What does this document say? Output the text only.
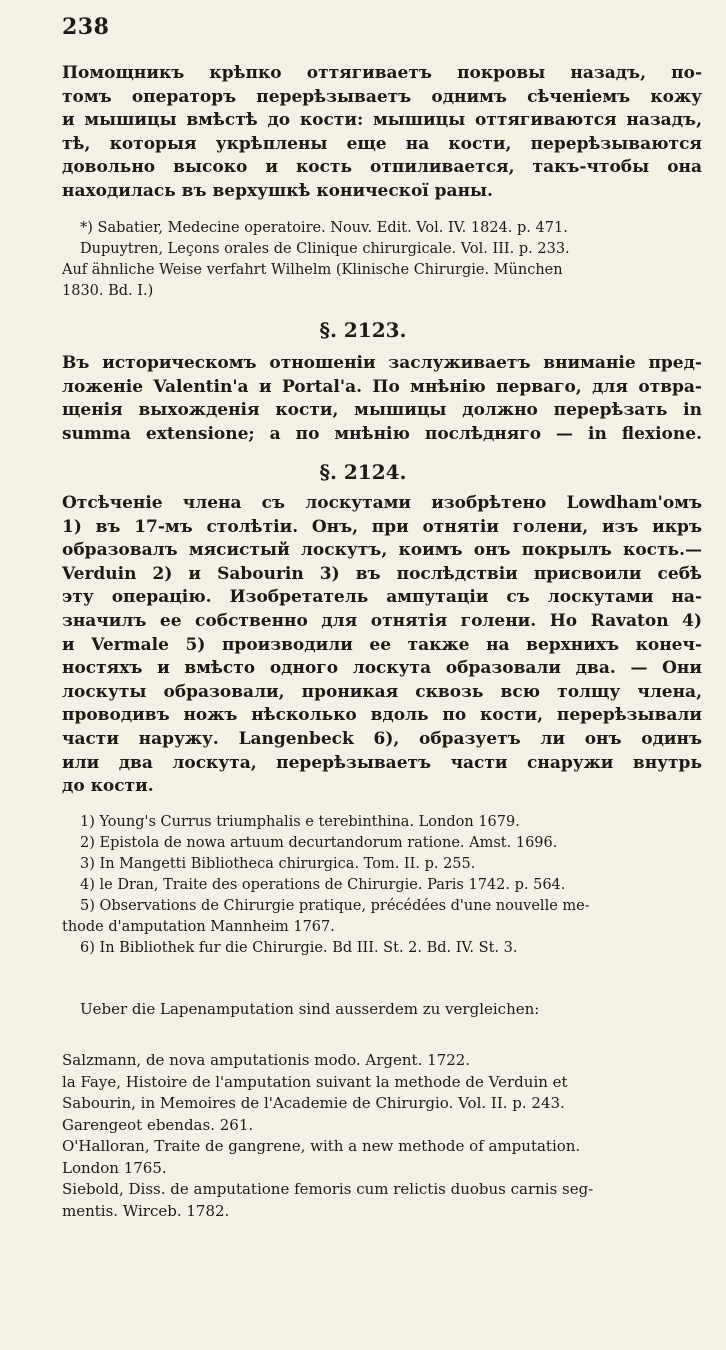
238
Помощникъ крѣпко оттягиваетъ покровы назадъ, по-
томъ операторъ перерѣзываетъ однимъ сѣченіемъ кожу
и мышицы вмѣстѣ до кости: мышицы оттягиваются назадъ,
тѣ, которыя укрѣплены еще на кости, перерѣзываются
довольно высоко и кость отпиливается, такъ-чтобы она
находилась въ верхушкѣ коническої раны.
*) Sabatier, Medecine operatoire. Nouv. Edit. Vol. IV. 1824. p. 471.
Dupuytren, Leçons orales de Clinique chirurgicale. Vol. III. p. 233.
Auf ähnliche Weise verfahrt Wilhelm (Klinische Chirurgie. München
1830. Bd. I.)
§. 2123.
Въ историческомъ отношеніи заслуживаетъ вниманіе пред-
ложеніе Valentin'a и Portal'a. По мнѣнію перваго, для отвра-
щенія выхожденія кости, мышицы должно перерѣзать in
summa extensione; а по мнѣнію послѣдняго — in flexione.
§. 2124.
Отсѣченіе члена съ лоскутами изобрѣтено Lowdham'омъ
1) въ 17-мъ столѣтіи. Онъ, при отнятіи голени, изъ икръ
образовалъ мясистый лоскутъ, коимъ онъ покрылъ кость.—
Verduin 2) и Sabourin 3) въ послѣдствіи присвоили себѣ
эту операцію. Изобретатель ампутаціи съ лоскутами на-
значилъ ее собственно для отнятія голени. Но Ravaton 4)
и Vermale 5) производили ее также на верхнихъ конеч-
ностяхъ и вмѣсто одного лоскута образовали два. — Они
лоскуты образовали, проникая сквозь всю толщу члена,
проводивъ ножъ нѣсколько вдоль по кости, перерѣзывали
части наружу. Langenbeck 6), образуетъ ли онъ одинъ
или два лоскута, перерѣзываетъ части снаружи внутрь
до кости.
1) Young's Currus triumphalis e terebinthina. London 1679.
2) Epistola de nowa artuum decurtandorum ratione. Amst. 1696.
3) In Mangetti Bibliotheca chirurgica. Tom. II. p. 255.
4) le Dran, Traite des operations de Chirurgie. Paris 1742. p. 564.
5) Observations de Chirurgie pratique, précédées d'une nouvelle me-
thode d'amputation Mannheim 1767.
6) In Bibliothek fur die Chirurgie. Bd III. St. 2. Bd. IV. St. 3.
Ueber die Lapenamputation sind ausserdem zu vergleichen:
Salzmann, de nova amputationis modo. Argent. 1722.
la Faye, Histoire de l'amputation suivant la methode de Verduin et
Sabourin, in Memoires de l'Academie de Chirurgio. Vol. II. p. 243.
Garengeot ebendas. 261.
O'Halloran, Traite de gangrene, with a new methode of amputation.
London 1765.
Siebold, Diss. de amputatione femoris cum relictis duobus carnis seg-
mentis. Wirceb. 1782.
